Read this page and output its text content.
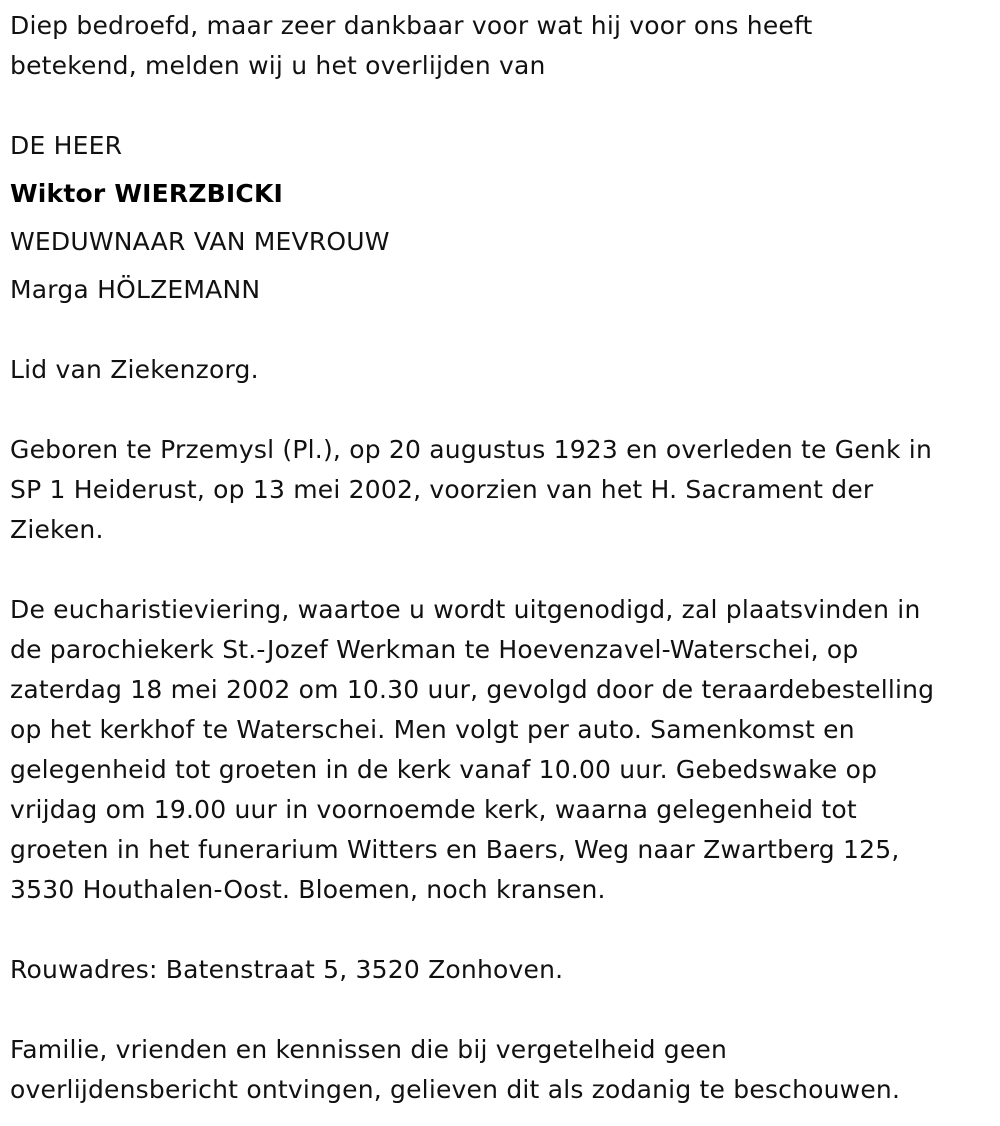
Diep bedroefd, maar zeer dankbaar voor wat hij voor ons heeft
betekend, melden wij u het overlijden van

DE HEER
Wiktor WIERZBICKI
WEDUWNAAR VAN MEVROUW
Marga HÖLZEMANN

Lid van Ziekenzorg.

Geboren te Przemysl (Pl.), op 20 augustus 1923 en overleden te Genk in
SP 1 Heiderust, op 13 mei 2002, voorzien van het H. Sacrament der
Zieken.

De eucharistieviering, waartoe u wordt uitgenodigd, zal plaatsvinden in
de parochiekerk St.-Jozef Werkman te Hoevenzavel-Waterschei, op
zaterdag 18 mei 2002 om 10.30 uur, gevolgd door de teraardebestelling
op het kerkhof te Waterschei. Men volgt per auto. Samenkomst en
gelegenheid tot groeten in de kerk vanaf 10.00 uur. Gebedswake op
vrijdag om 19.00 uur in voornoemde kerk, waarna gelegenheid tot
groeten in het funerarium Witters en Baers, Weg naar Zwartberg 125,
3530 Houthalen-Oost. Bloemen, noch kransen.

Rouwadres: Batenstraat 5, 3520 Zonhoven.

Familie, vrienden en kennissen die bij vergetelheid geen
overlijdensbericht ontvingen, gelieven dit als zodanig te beschouwen.
